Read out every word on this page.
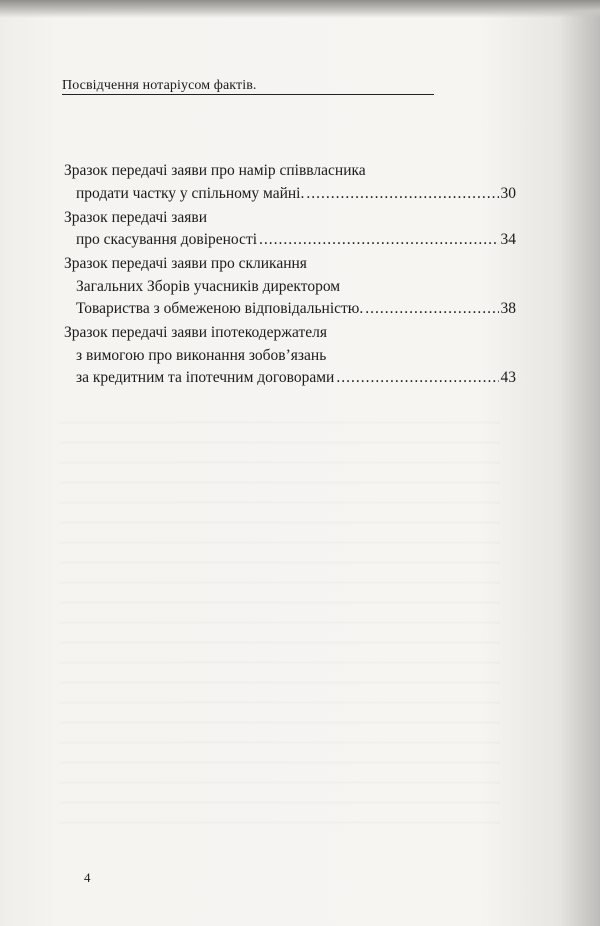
Посвідчення нотаріусом фактів.
Зразок передачі заяви про намір співвласника
продати частку у спільному майні. .....	30
Зразок передачі заяви
про скасування довіреності .....	34
Зразок передачі заяви про скликання
Загальних Зборів учасників директором
Товариства з обмеженою відповідальністю. .....	38
Зразок передачі заяви іпотекодержателя
з вимогою про виконання зобов’язань
за кредитним та іпотечним договорами .....	43
4
